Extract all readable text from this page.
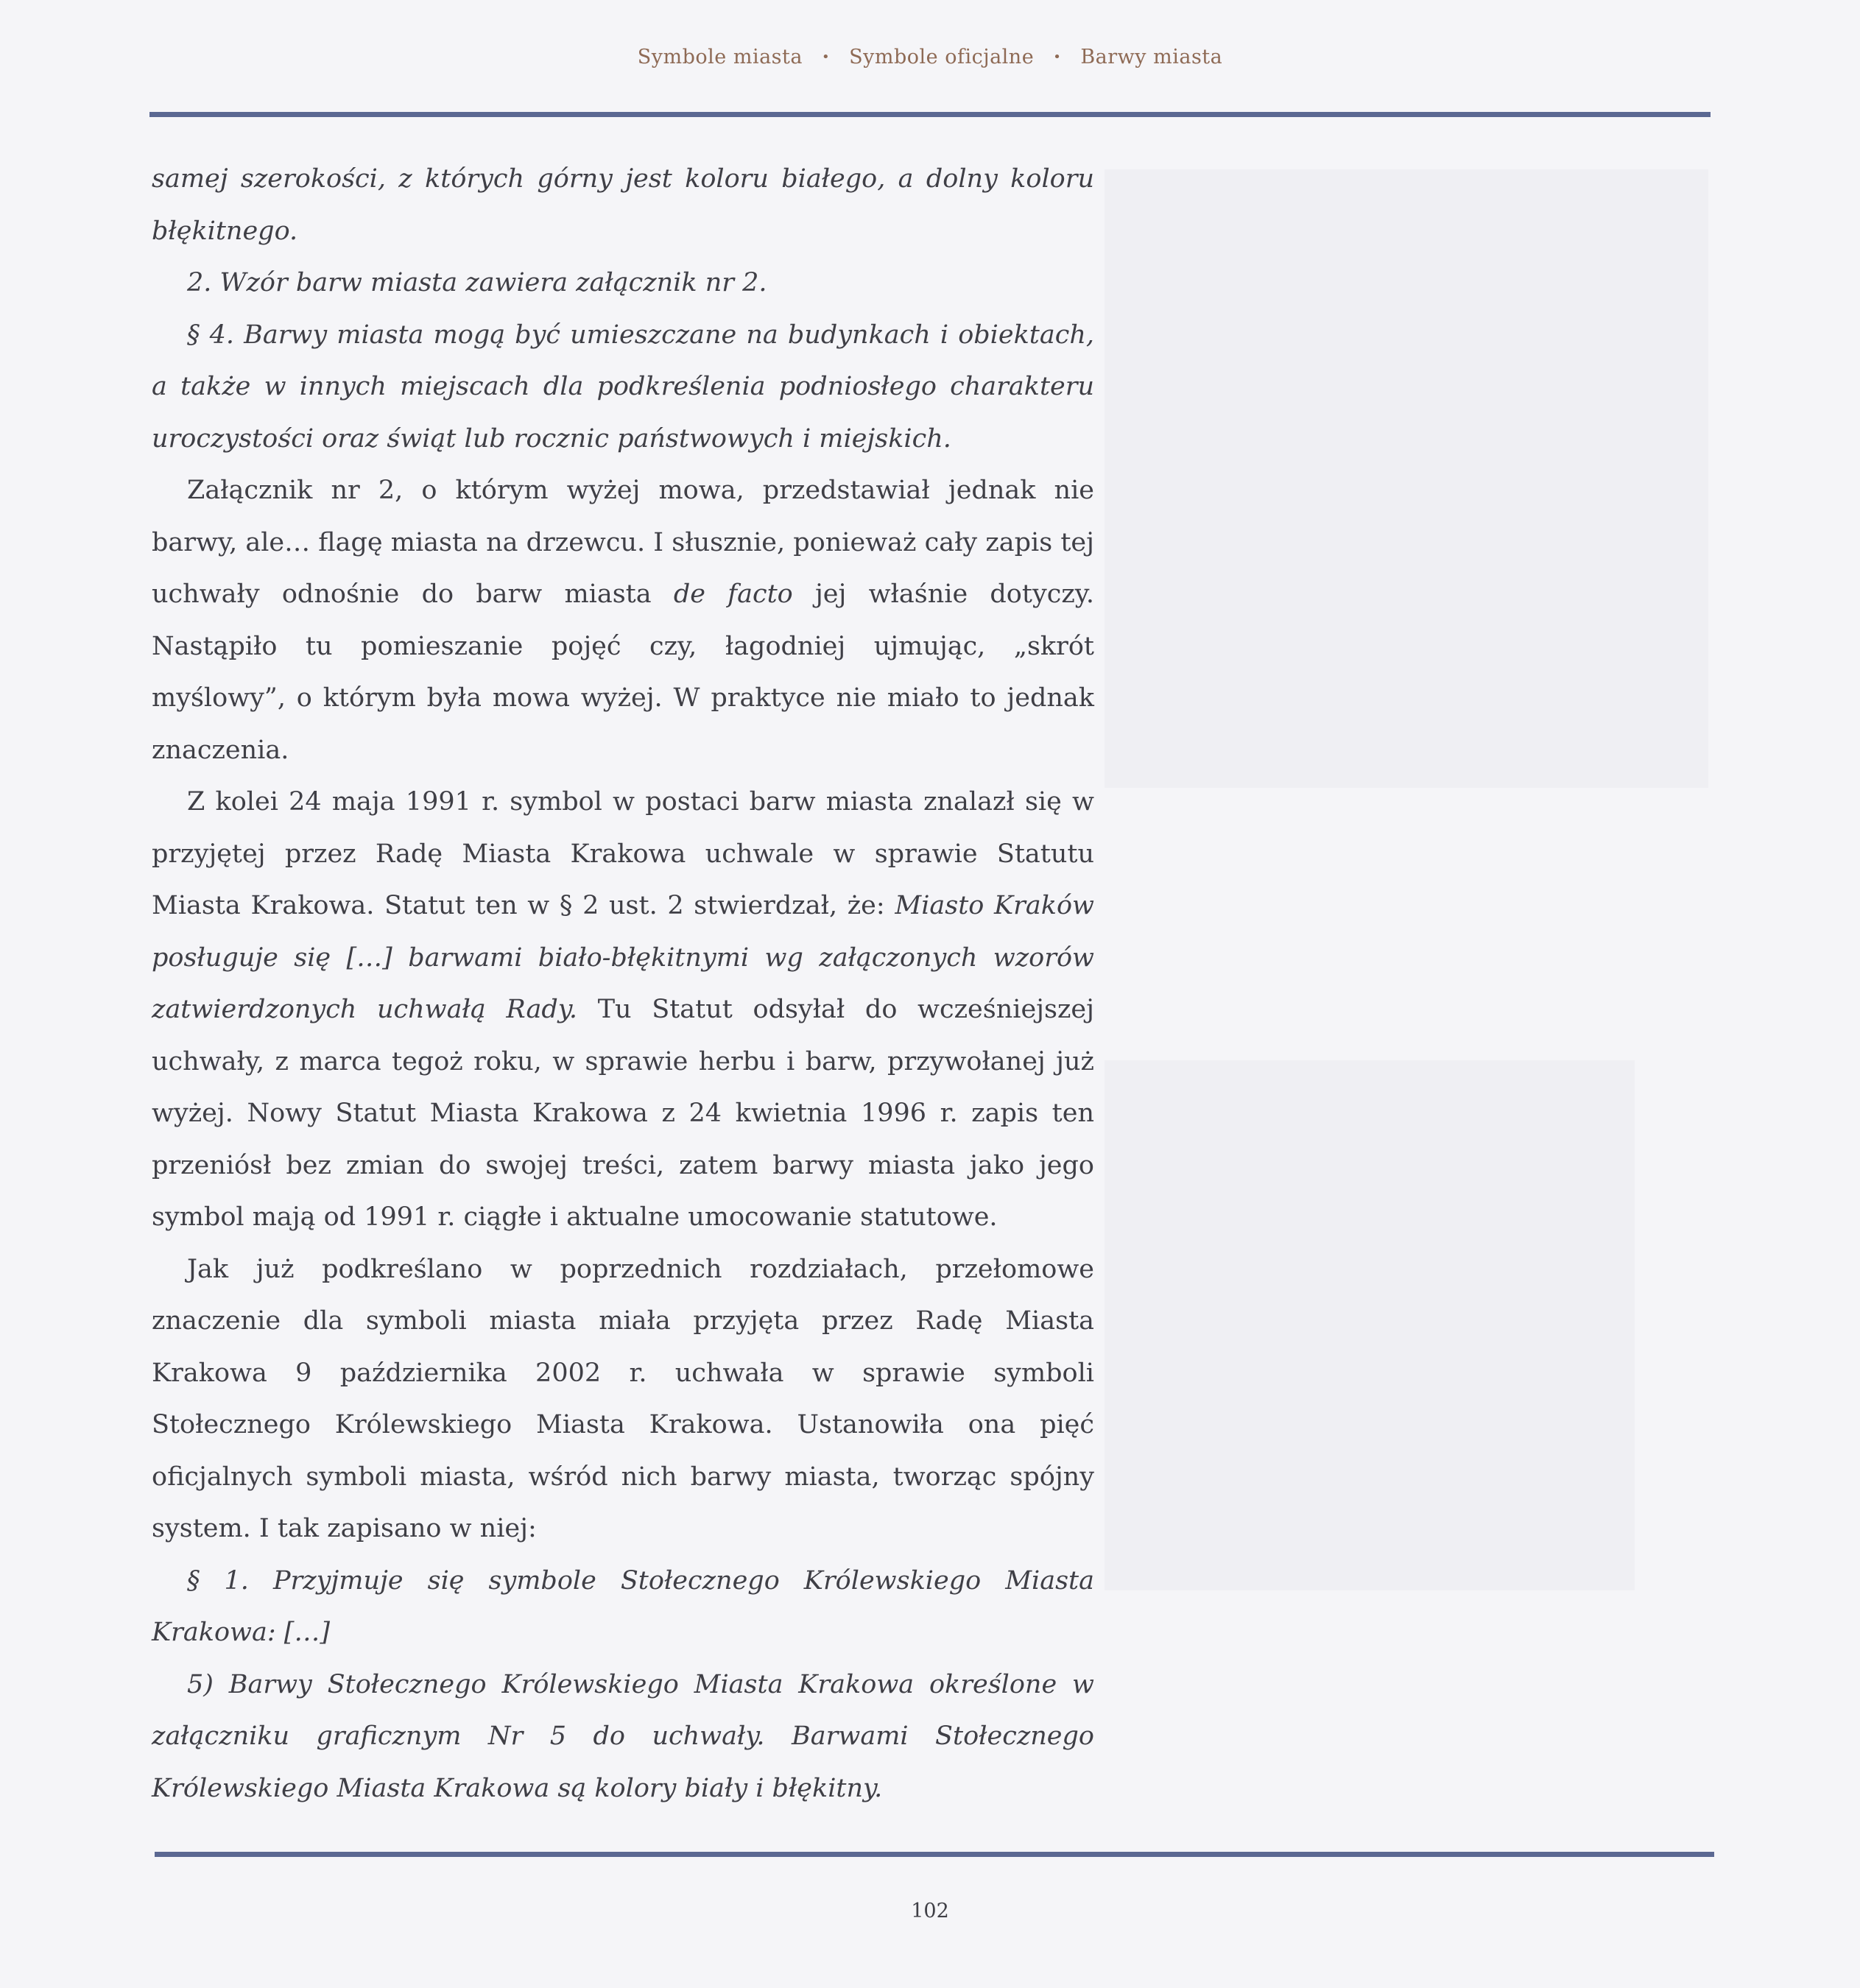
Symbole miasta • Symbole oficjalne • Barwy miasta

samej szerokości, z których górny jest koloru białego, a dolny koloru błękitnego.

2. Wzór barw miasta zawiera załącznik nr 2.

§ 4. Barwy miasta mogą być umieszczane na budynkach i obiektach, a także w innych miejscach dla podkreślenia podniosłego charakteru uroczystości oraz świąt lub rocznic państwowych i miejskich.

Załącznik nr 2, o którym wyżej mowa, przedstawiał jednak nie barwy, ale… flagę miasta na drzewcu. I słusznie, ponieważ cały zapis tej uchwały odnośnie do barw miasta de facto jej właśnie dotyczy. Nastąpiło tu pomieszanie pojęć czy, łagodniej ujmując, „skrót myślowy”, o którym była mowa wyżej. W praktyce nie miało to jednak znaczenia.

Z kolei 24 maja 1991 r. symbol w postaci barw miasta znalazł się w przyjętej przez Radę Miasta Krakowa uchwale w sprawie Statutu Miasta Krakowa. Statut ten w § 2 ust. 2 stwierdzał, że: Miasto Kraków posługuje się […] barwami biało-błękitnymi wg załączonych wzorów zatwierdzonych uchwałą Rady. Tu Statut odsyłał do wcześniejszej uchwały, z marca tegoż roku, w sprawie herbu i barw, przywołanej już wyżej. Nowy Statut Miasta Krakowa z 24 kwietnia 1996 r. zapis ten przeniósł bez zmian do swojej treści, zatem barwy miasta jako jego symbol mają od 1991 r. ciągłe i aktualne umocowanie statutowe.

Jak już podkreślano w poprzednich rozdziałach, przełomowe znaczenie dla symboli miasta miała przyjęta przez Radę Miasta Krakowa 9 października 2002 r. uchwała w sprawie symboli Stołecznego Królewskiego Miasta Krakowa. Ustanowiła ona pięć oficjalnych symboli miasta, wśród nich barwy miasta, tworząc spójny system. I tak zapisano w niej:

§ 1. Przyjmuje się symbole Stołecznego Królewskiego Miasta Krakowa: […]

5) Barwy Stołecznego Królewskiego Miasta Krakowa określone w załączniku graficznym Nr 5 do uchwały. Barwami Stołecznego Królewskiego Miasta Krakowa są kolory biały i błękitny.

102
